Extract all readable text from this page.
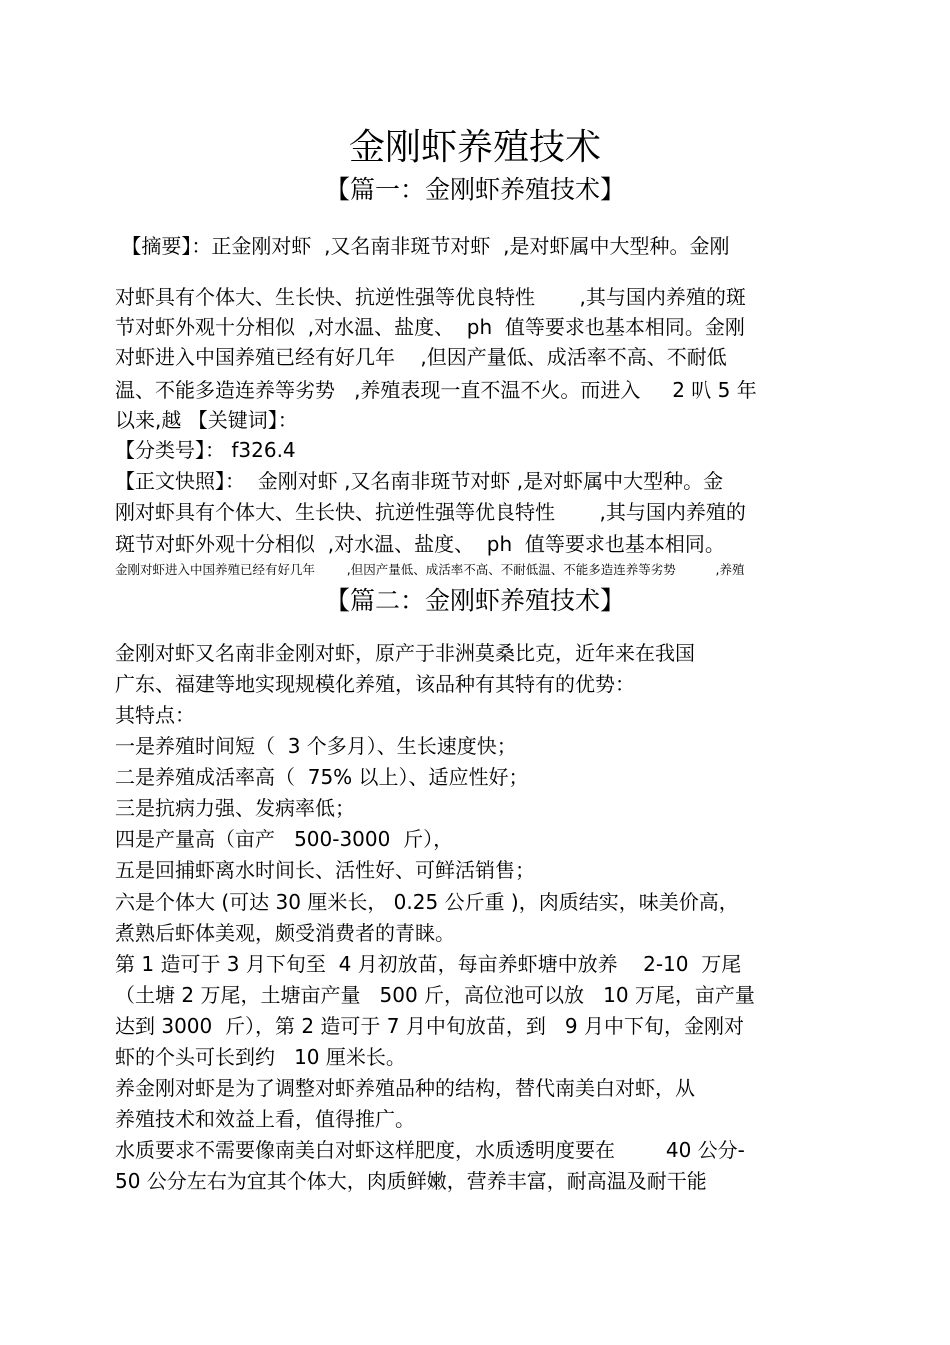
金刚虾养殖技术
【篇一：金刚虾养殖技术】
【摘要】：正金刚对虾  ,又名南非斑节对虾  ,是对虾属中大型种。金刚
对虾具有个体大、生长快、抗逆性强等优良特性       ,其与国内养殖的斑
节对虾外观十分相似  ,对水温、盐度、  ph  值等要求也基本相同。金刚
对虾进入中国养殖已经有好几年    ,但因产量低、成活率不高、不耐低
温、不能多造连养等劣势   ,养殖表现一直不温不火。而进入     2 叭 5 年
以来,越 【关键词】：
【分类号】： f326.4
【正文快照】：  金刚对虾 ,又名南非斑节对虾 ,是对虾属中大型种。金
刚对虾具有个体大、生长快、抗逆性强等优良特性       ,其与国内养殖的
斑节对虾外观十分相似  ,对水温、盐度、  ph  值等要求也基本相同。
金刚对虾进入中国养殖已经有好几年        ,但因产量低、成活率不高、不耐低温、不能多造连养等劣势          ,养殖
【篇二：金刚虾养殖技术】
金刚对虾又名南非金刚对虾，原产于非洲莫桑比克，近年来在我国
广东、福建等地实现规模化养殖，该品种有其特有的优势：
其特点：
一是养殖时间短（  3 个多月）、生长速度快；
二是养殖成活率高（  75% 以上）、适应性好；
三是抗病力强、发病率低；
四是产量高（亩产   500-3000  斤），
五是回捕虾离水时间长、活性好、可鲜活销售；
六是个体大 (可达 30 厘米长， 0.25 公斤重 )，肉质结实，味美价高，
煮熟后虾体美观，颇受消费者的青睐。
第 1 造可于 3 月下旬至  4 月初放苗，每亩养虾塘中放养    2-10  万尾
（土塘 2 万尾，土塘亩产量   500 斤，高位池可以放   10 万尾，亩产量
达到 3000  斤），第 2 造可于 7 月中旬放苗，到   9 月中下旬，金刚对
虾的个头可长到约   10 厘米长。
养金刚对虾是为了调整对虾养殖品种的结构，替代南美白对虾，从
养殖技术和效益上看，值得推广。
水质要求不需要像南美白对虾这样肥度，水质透明度要在        40 公分-
50 公分左右为宜其个体大，肉质鲜嫩，营养丰富，耐高温及耐干能
